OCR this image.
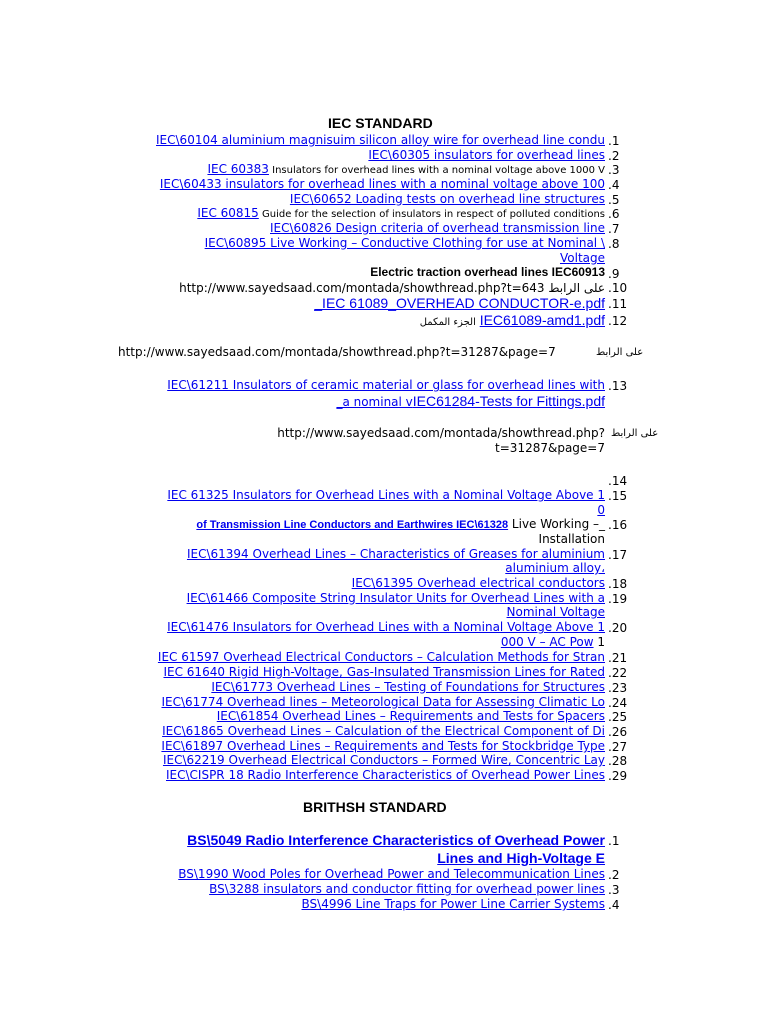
IEC STANDARD
IEC\60104 aluminium magnisuim silicon alloy wire for overhead line condu .1
IEC\60305 insulators for overhead lines .2
IEC 60383 Insulators for overhead lines with a nominal voltage above 1000 V .3
IEC\60433 insulators for overhead lines with a nominal voltage above 100 .4
IEC\60652 Loading tests on overhead line structures .5
IEC 60815 Guide for the selection of insulators in respect of polluted conditions .6
IEC\60826 Design criteria of overhead transmission line .7
IEC\60895 Live Working – Conductive Clothing for use at Nominal \ .8
Voltage
Electric traction overhead lines IEC60913 .9
http://www.sayedsaad.com/montada/showthread.php?t=643 على الرابط .10
_IEC 61089_OVERHEAD CONDUCTOR-e.pdf .11
الجزء المكمل IEC61089-amd1.pdf .12
http://www.sayedsaad.com/montada/showthread.php?t=31287&page=7	على الرابط
IEC\61211 Insulators of ceramic material or glass for overhead lines with .13
_a nominal vIEC61284-Tests for Fittings.pdf
http://www.sayedsaad.com/montada/showthread.php? على الرابط
t=31287&page=7
.14
IEC 61325 Insulators for Overhead Lines with a Nominal Voltage Above 1 .15
0
of Transmission Line Conductors and Earthwires IEC\61328 Live Working –_ .16
Installation
IEC\61394 Overhead Lines – Characteristics of Greases for aluminium .17
aluminium alloy،
IEC\61395 Overhead electrical conductors .18
IEC\61466 Composite String Insulator Units for Overhead Lines with a .19
Nominal Voltage
IEC\61476 Insulators for Overhead Lines with a Nominal Voltage Above 1 .20
000 V – AC Pow 1
IEC 61597 Overhead Electrical Conductors – Calculation Methods for Stran .21
IEC 61640 Rigid High-Voltage, Gas-Insulated Transmission Lines for Rated .22
IEC\61773 Overhead Lines – Testing of Foundations for Structures .23
IEC\61774 Overhead lines – Meteorological Data for Assessing Climatic Lo .24
IEC\61854 Overhead Lines – Requirements and Tests for Spacers .25
IEC\61865 Overhead Lines – Calculation of the Electrical Component of Di .26
IEC\61897 Overhead Lines – Requirements and Tests for Stockbridge Type .27
IEC\62219 Overhead Electrical Conductors – Formed Wire, Concentric Lay .28
IEC\CISPR 18 Radio Interference Characteristics of Overhead Power Lines .29
BRITHSH STANDARD
BS\5049 Radio Interference Characteristics of Overhead Power .1
Lines and High-Voltage E
BS\1990 Wood Poles for Overhead Power and Telecommunication Lines .2
BS\3288 insulators and conductor fitting for overhead power lines .3
BS\4996 Line Traps for Power Line Carrier Systems .4
